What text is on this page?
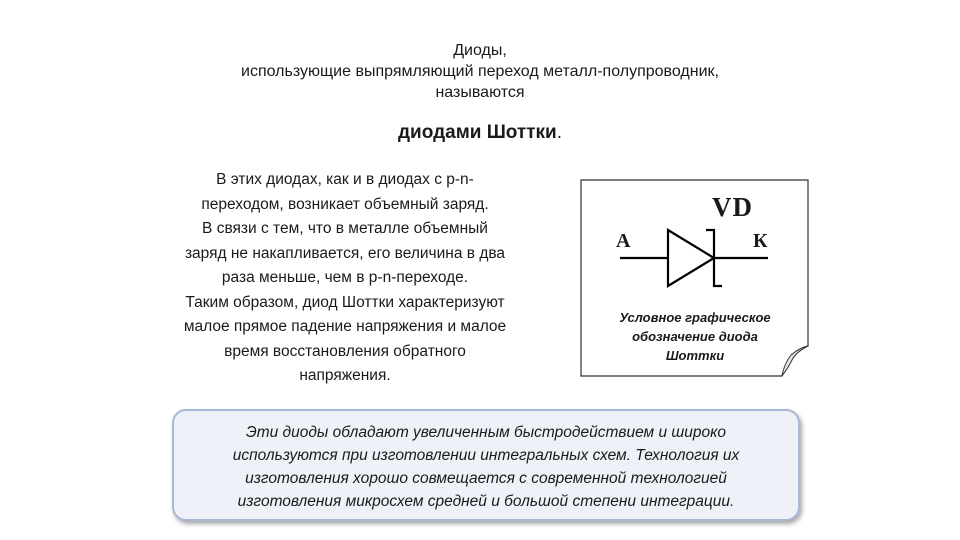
Диоды,
использующие выпрямляющий переход металл-полупроводник,
называются
диодами Шоттки.
В этих диодах, как и в диодах с p-n-
переходом, возникает объемный заряд.
В связи с тем, что в металле объемный
заряд не накапливается, его величина в два
раза меньше, чем в p-n-переходе.
Таким образом, диод Шоттки характеризуют
малое прямое падение напряжения и малое
время восстановления обратного
напряжения.
VD
А	К
Условное графическое
обозначение диода
Шоттки
Эти диоды обладают увеличенным быстродействием и широко
используются при изготовлении интегральных схем. Технология их
изготовления хорошо совмещается с современной технологией
изготовления микросхем средней и большой степени интеграции.
